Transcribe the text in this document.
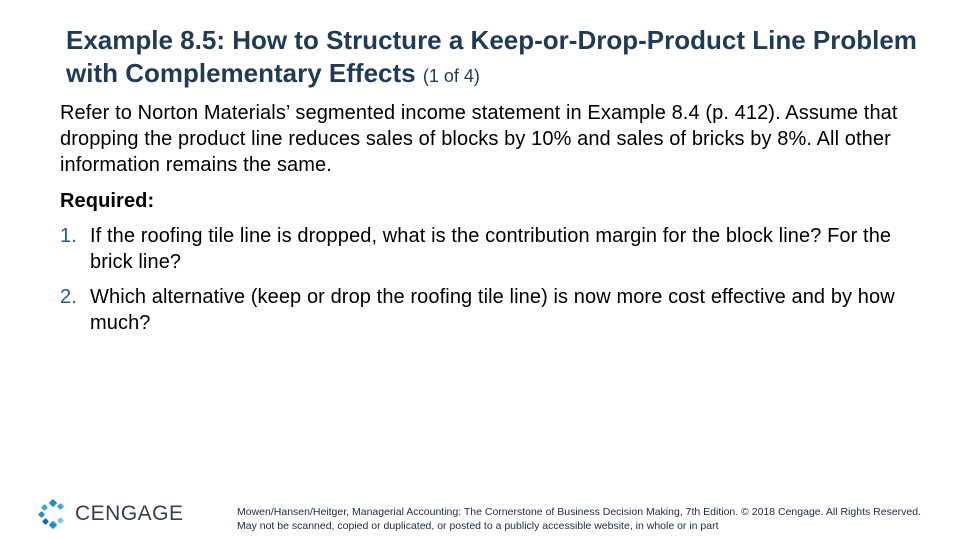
Example 8.5: How to Structure a Keep-or-Drop-Product Line Problem with Complementary Effects (1 of 4)

Refer to Norton Materials’ segmented income statement in Example 8.4 (p. 412). Assume that dropping the product line reduces sales of blocks by 10% and sales of bricks by 8%. All other information remains the same.

Required:

1. If the roofing tile line is dropped, what is the contribution margin for the block line? For the brick line?
2. Which alternative (keep or drop the roofing tile line) is now more cost effective and by how much?
CENGAGE	Mowen/Hansen/Heitger, Managerial Accounting: The Cornerstone of Business Decision Making, 7th Edition. © 2018 Cengage. All Rights Reserved. May not be scanned, copied or duplicated, or posted to a publicly accessible website, in whole or in part
